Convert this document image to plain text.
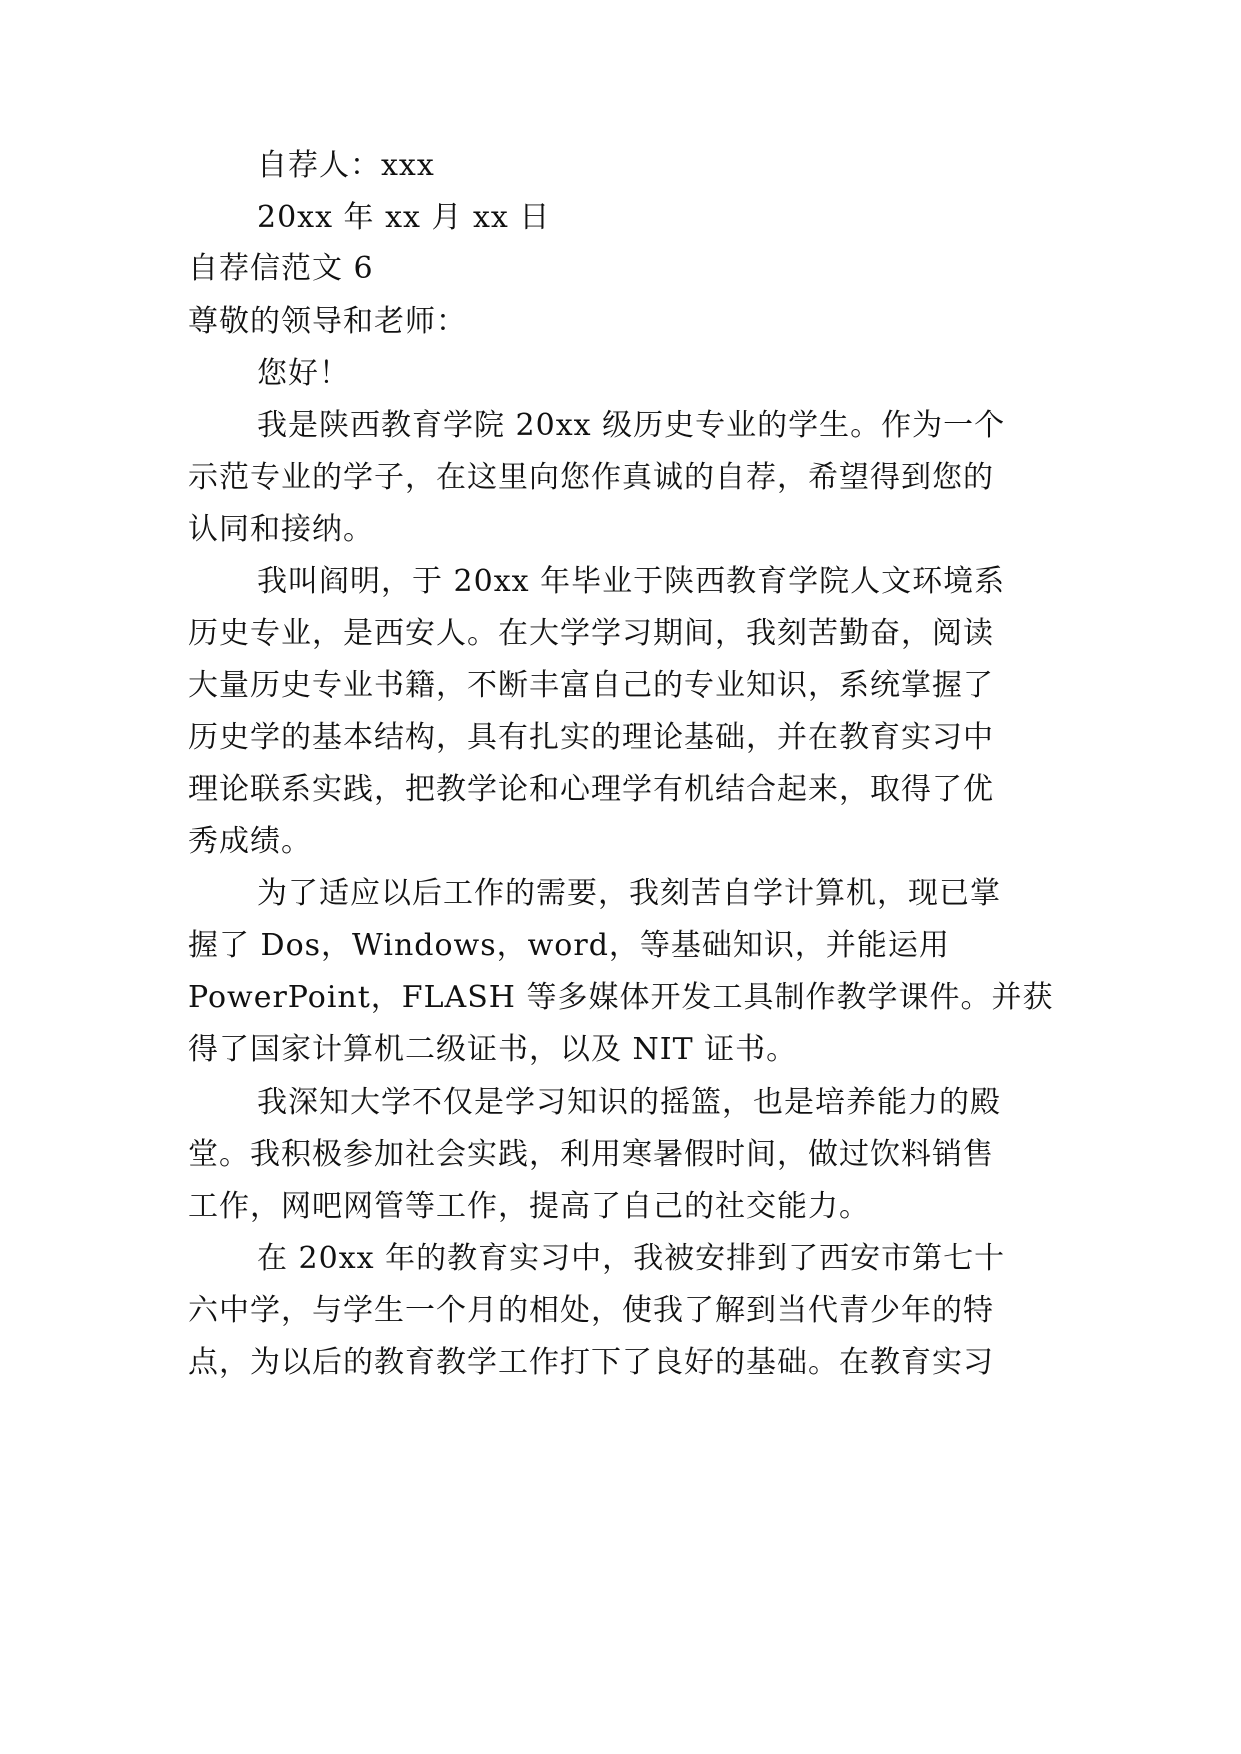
自荐人：xxx
20xx 年 xx 月 xx 日
自荐信范文 6
尊敬的领导和老师：
您好！
我是陕西教育学院 20xx 级历史专业的学生。作为一个
示范专业的学子，在这里向您作真诚的自荐，希望得到您的
认同和接纳。
我叫阎明，于 20xx 年毕业于陕西教育学院人文环境系
历史专业，是西安人。在大学学习期间，我刻苦勤奋，阅读
大量历史专业书籍，不断丰富自己的专业知识，系统掌握了
历史学的基本结构，具有扎实的理论基础，并在教育实习中
理论联系实践，把教学论和心理学有机结合起来，取得了优
秀成绩。
为了适应以后工作的需要，我刻苦自学计算机，现已掌
握了 Dos，Windows，word，等基础知识，并能运用
PowerPoint，FLASH 等多媒体开发工具制作教学课件。并获
得了国家计算机二级证书，以及 NIT 证书。
我深知大学不仅是学习知识的摇篮，也是培养能力的殿
堂。我积极参加社会实践，利用寒暑假时间，做过饮料销售
工作，网吧网管等工作，提高了自己的社交能力。
在 20xx 年的教育实习中，我被安排到了西安市第七十
六中学，与学生一个月的相处，使我了解到当代青少年的特
点，为以后的教育教学工作打下了良好的基础。在教育实习
